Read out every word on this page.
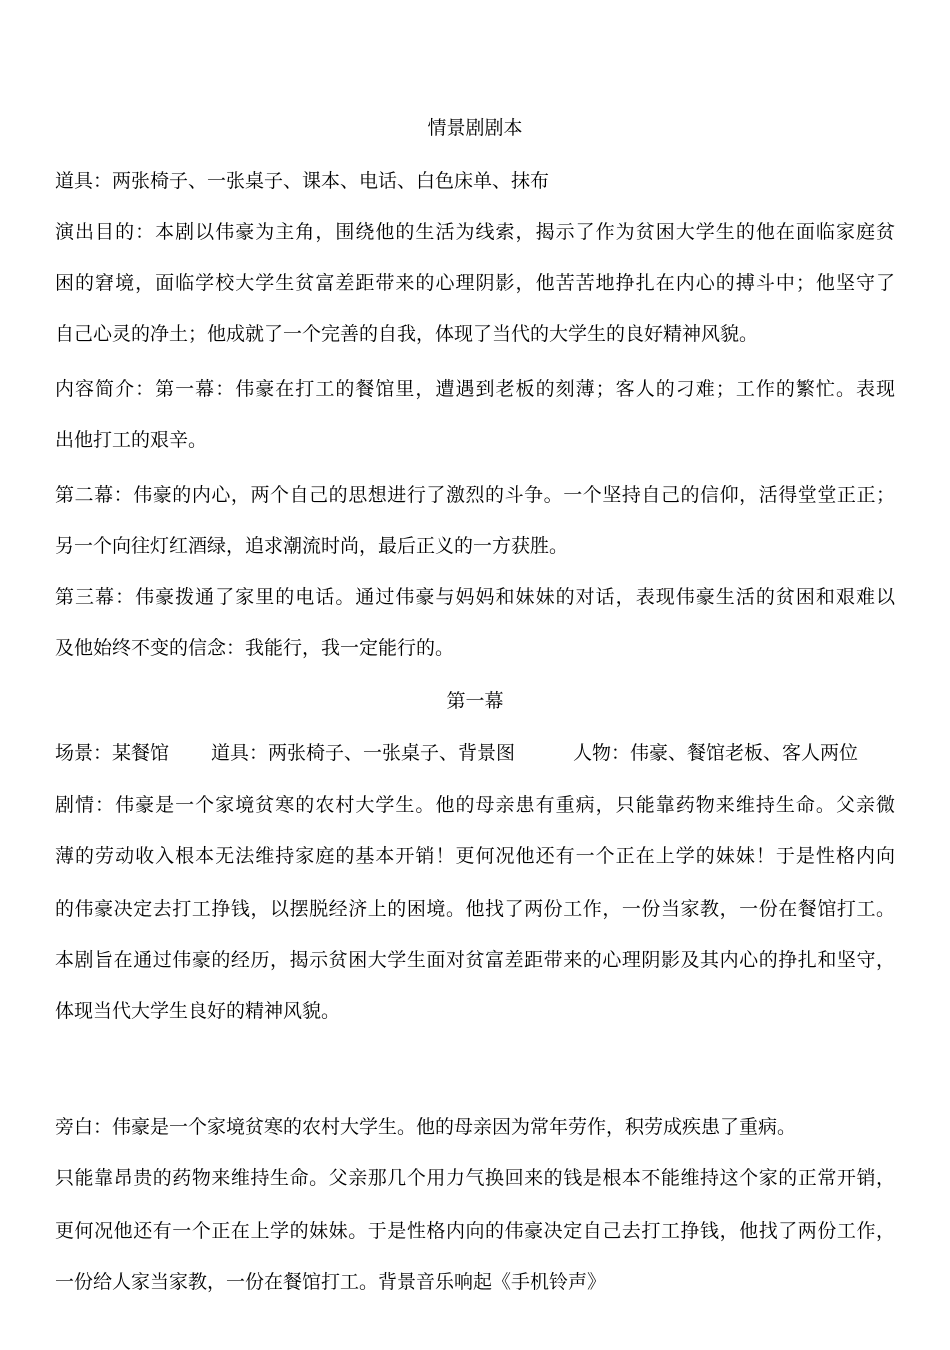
情景剧剧本
道具：两张椅子、一张桌子、课本、电话、白色床单、抹布
演出目的：本剧以伟豪为主角，围绕他的生活为线索，揭示了作为贫困大学生的他在面临家庭贫
困的窘境，面临学校大学生贫富差距带来的心理阴影，他苦苦地挣扎在内心的搏斗中；他坚守了
自己心灵的净土；他成就了一个完善的自我，体现了当代的大学生的良好精神风貌。
内容简介：第一幕：伟豪在打工的餐馆里，遭遇到老板的刻薄；客人的刁难；工作的繁忙。表现
出他打工的艰辛。
第二幕：伟豪的内心，两个自己的思想进行了激烈的斗争。一个坚持自己的信仰，活得堂堂正正；
另一个向往灯红酒绿，追求潮流时尚，最后正义的一方获胜。
第三幕：伟豪拨通了家里的电话。通过伟豪与妈妈和妹妹的对话，表现伟豪生活的贫困和艰难以
及他始终不变的信念：我能行，我一定能行的。
第一幕
场景：某餐馆 道具：两张椅子、一张桌子、背景图	人物：伟豪、餐馆老板、客人两位
剧情：伟豪是一个家境贫寒的农村大学生。他的母亲患有重病，只能靠药物来维持生命。父亲微
薄的劳动收入根本无法维持家庭的基本开销！更何况他还有一个正在上学的妹妹！于是性格内向
的伟豪决定去打工挣钱，以摆脱经济上的困境。他找了两份工作，一份当家教，一份在餐馆打工。
本剧旨在通过伟豪的经历，揭示贫困大学生面对贫富差距带来的心理阴影及其内心的挣扎和坚守，
体现当代大学生良好的精神风貌。
旁白：伟豪是一个家境贫寒的农村大学生。他的母亲因为常年劳作，积劳成疾患了重病。
只能靠昂贵的药物来维持生命。父亲那几个用力气换回来的钱是根本不能维持这个家的正常开销，
更何况他还有一个正在上学的妹妹。于是性格内向的伟豪决定自己去打工挣钱，他找了两份工作，
一份给人家当家教，一份在餐馆打工。背景音乐响起《手机铃声》
